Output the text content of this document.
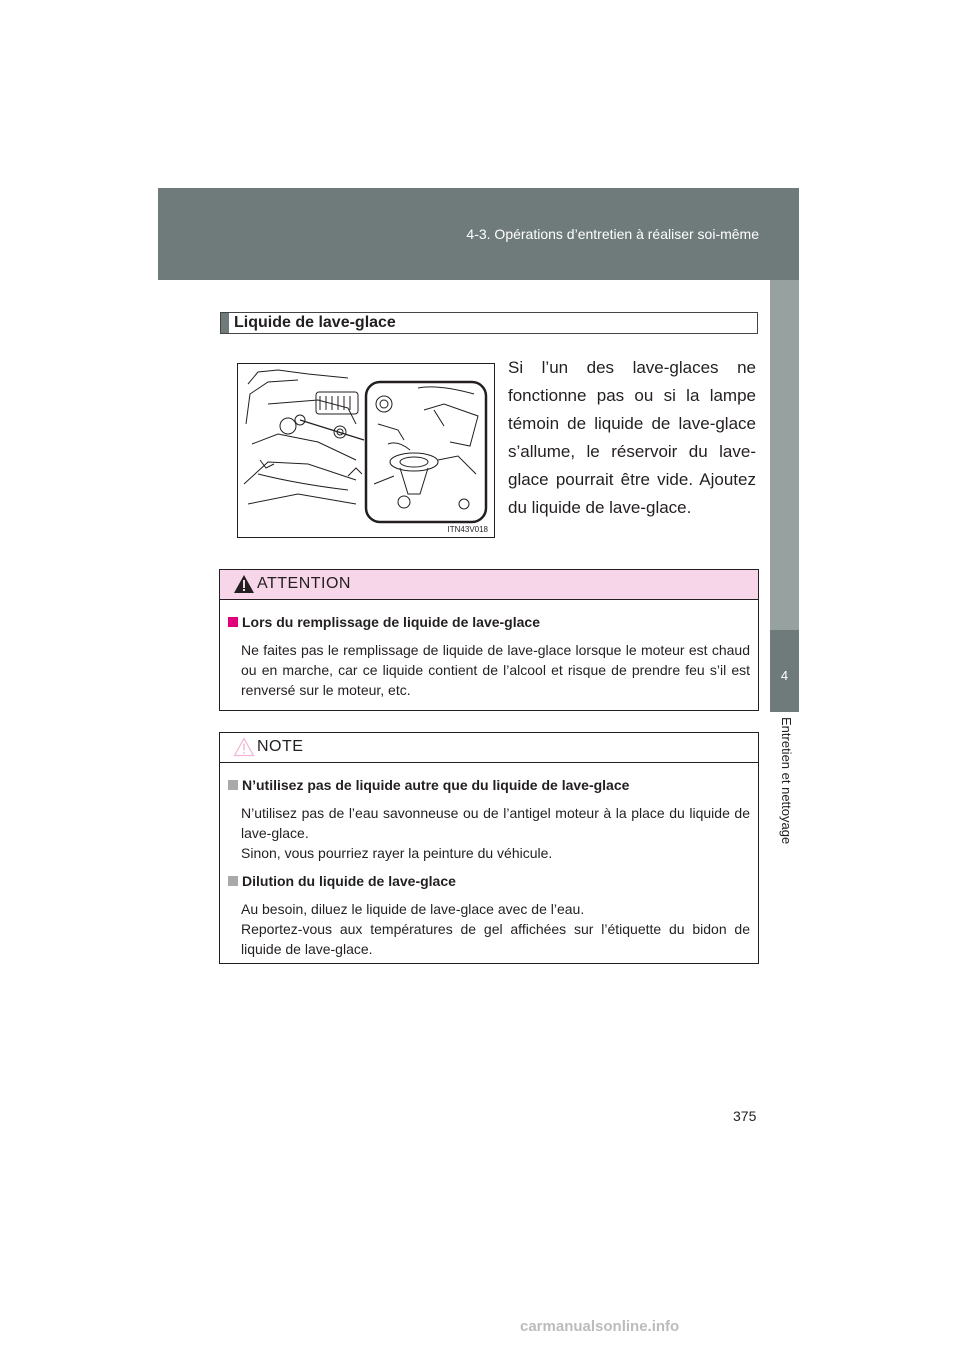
4-3. Opérations d’entretien à réaliser soi-même
4
Entretien et nettoyage
Liquide de lave-glace
ITN43V018
Si l’un des lave-glaces ne fonctionne pas ou si la lampe témoin de liquide de lave-glace s’allume, le réservoir du lave-glace pourrait être vide. Ajoutez du liquide de lave-glace.
ATTENTION
Lors du remplissage de liquide de lave-glace

Ne faites pas le remplissage de liquide de lave-glace lorsque le moteur est chaud ou en marche, car ce liquide contient de l’alcool et risque de prendre feu s’il est renversé sur le moteur, etc.

NOTE
N’utilisez pas de liquide autre que du liquide de lave-glace

N’utilisez pas de l’eau savonneuse ou de l’antigel moteur à la place du liquide de lave-glace.

Sinon, vous pourriez rayer la peinture du véhicule.

Dilution du liquide de lave-glace

Au besoin, diluez le liquide de lave-glace avec de l’eau.

Reportez-vous aux températures de gel affichées sur l’étiquette du bidon de liquide de lave-glace.

375
carmanualsonline.info
